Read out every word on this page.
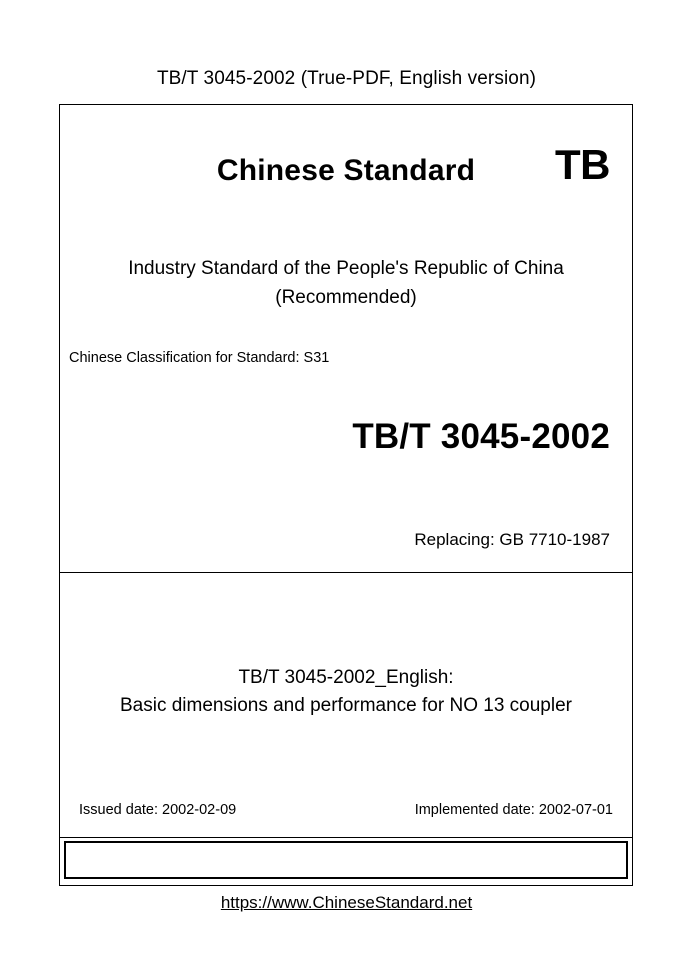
TB/T 3045-2002 (True-PDF, English version)
Chinese Standard	TB
Industry Standard of the People's Republic of China
(Recommended)
Chinese Classification for Standard: S31
TB/T 3045-2002
Replacing: GB 7710-1987
TB/T 3045-2002_English:
Basic dimensions and performance for NO 13 coupler
Issued date: 2002-02-09	Implemented date: 2002-07-01
https://www.ChineseStandard.net
